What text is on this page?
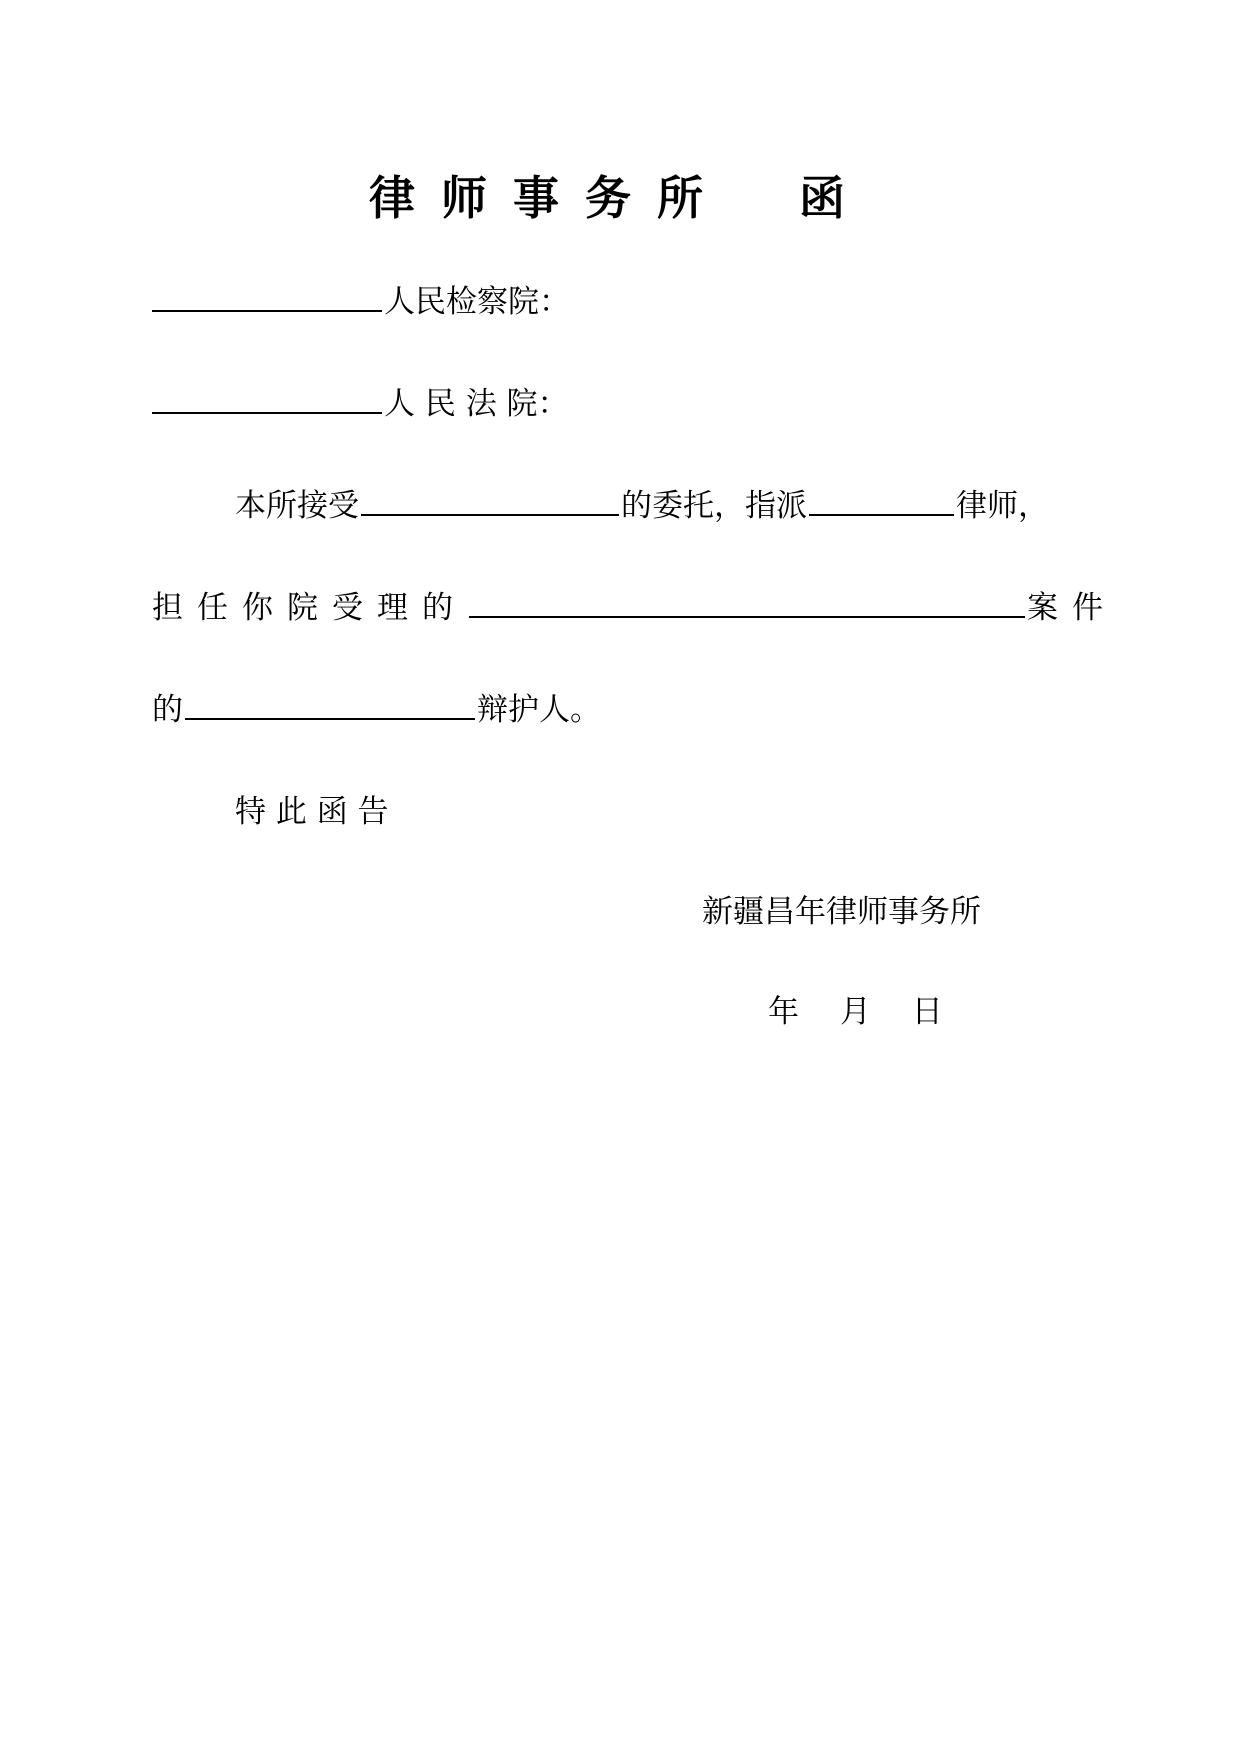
律师事务所 函
人民检察院：
人 民 法 院：
本所接受	的委托，指派	律师，
担任你院受理的	案件
的	辩护人。
特 此 函 告
新疆昌年律师事务所
年　 月　 日
